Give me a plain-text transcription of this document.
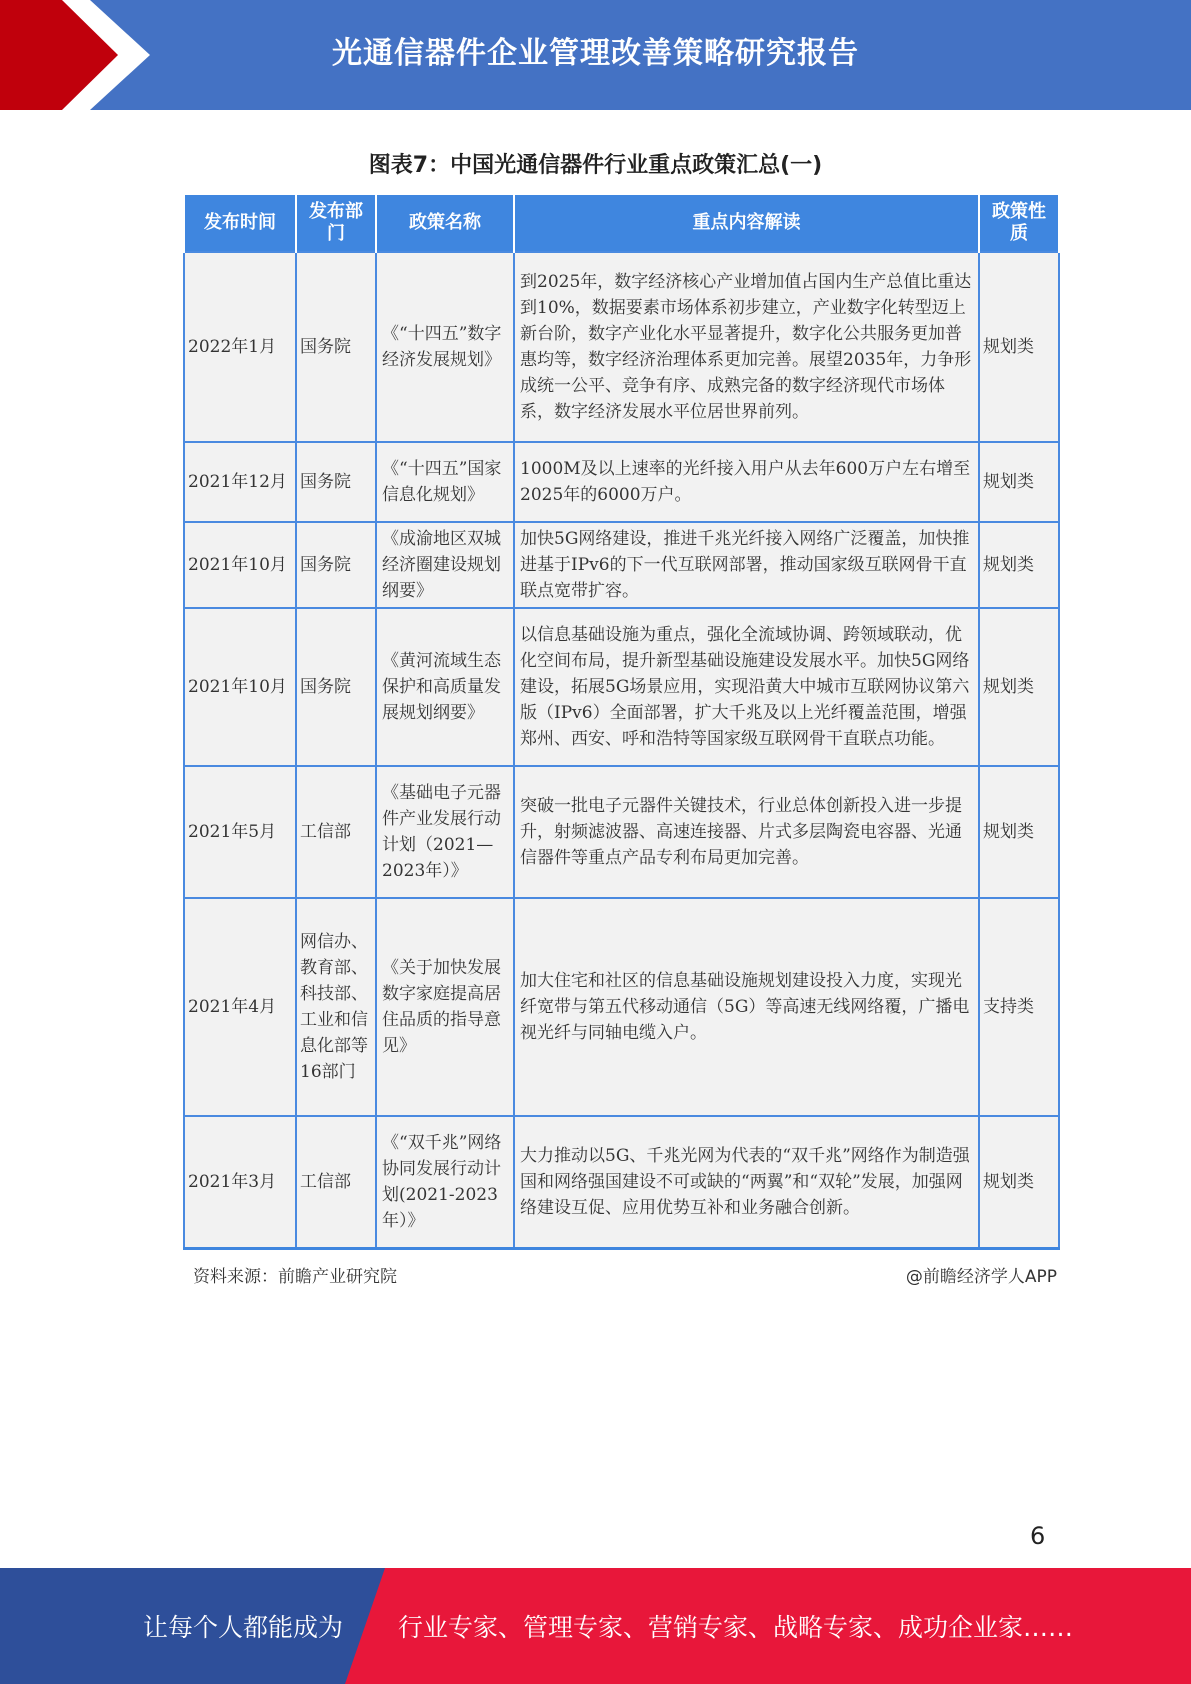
光通信器件企业管理改善策略研究报告
图表7：中国光通信器件行业重点政策汇总(一)
发布时间	发布部门	政策名称	重点内容解读	政策性质
2022年1月	国务院	《“十四五”数字经济发展规划》	到2025年，数字经济核心产业增加值占国内生产总值比重达到10%，数据要素市场体系初步建立，产业数字化转型迈上新台阶，数字产业化水平显著提升，数字化公共服务更加普惠均等，数字经济治理体系更加完善。展望2035年，力争形成统一公平、竞争有序、成熟完备的数字经济现代市场体系，数字经济发展水平位居世界前列。	规划类
2021年12月	国务院	《“十四五”国家信息化规划》	1000M及以上速率的光纤接入用户从去年600万户左右增至2025年的6000万户。	规划类
2021年10月	国务院	《成渝地区双城经济圈建设规划纲要》	加快5G网络建设，推进千兆光纤接入网络广泛覆盖，加快推进基于IPv6的下一代互联网部署，推动国家级互联网骨干直联点宽带扩容。	规划类
2021年10月	国务院	《黄河流域生态保护和高质量发展规划纲要》	以信息基础设施为重点，强化全流域协调、跨领域联动，优化空间布局，提升新型基础设施建设发展水平。加快5G网络建设，拓展5G场景应用，实现沿黄大中城市互联网协议第六版（IPv6）全面部署，扩大千兆及以上光纤覆盖范围，增强郑州、西安、呼和浩特等国家级互联网骨干直联点功能。	规划类
2021年5月	工信部	《基础电子元器件产业发展行动计划（2021—2023年）》	突破一批电子元器件关键技术，行业总体创新投入进一步提升，射频滤波器、高速连接器、片式多层陶瓷电容器、光通信器件等重点产品专利布局更加完善。	规划类
2021年4月	网信办、教育部、科技部、工业和信息化部等16部门	《关于加快发展数字家庭提高居住品质的指导意见》	加大住宅和社区的信息基础设施规划建设投入力度，实现光纤宽带与第五代移动通信（5G）等高速无线网络覆，广播电视光纤与同轴电缆入户。	支持类
2021年3月	工信部	《“双千兆”网络协同发展行动计划(2021-2023年）》	大力推动以5G、千兆光网为代表的“双千兆”网络作为制造强国和网络强国建设不可或缺的“两翼”和“双轮”发展，加强网络建设互促、应用优势互补和业务融合创新。	规划类
资料来源：前瞻产业研究院	@前瞻经济学人APP
6
让每个人都能成为 行业专家、管理专家、营销专家、战略专家、成功企业家……
